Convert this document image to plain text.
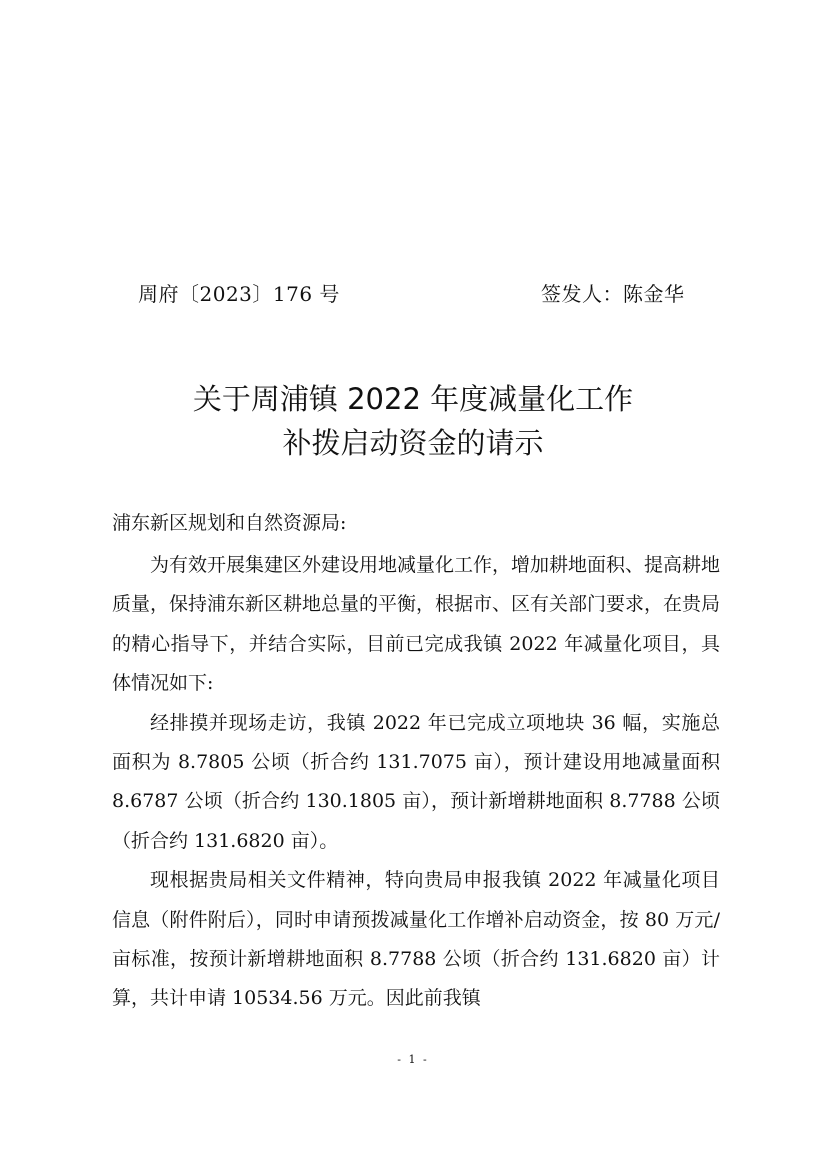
周府〔2023〕176 号	签发人：陈金华
关于周浦镇 2022 年度减量化工作
补拨启动资金的请示
浦东新区规划和自然资源局:

为有效开展集建区外建设用地减量化工作，增加耕地面积、提高耕地质量，保持浦东新区耕地总量的平衡，根据市、区有关部门要求，在贵局的精心指导下，并结合实际，目前已完成我镇 2022 年减量化项目，具体情况如下:

经排摸并现场走访，我镇 2022 年已完成立项地块 36 幅，实施总面积为 8.7805 公顷（折合约 131.7075 亩），预计建设用地减量面积 8.6787 公顷（折合约 130.1805 亩），预计新增耕地面积 8.7788 公顷（折合约 131.6820 亩）。

现根据贵局相关文件精神，特向贵局申报我镇 2022 年减量化项目信息（附件附后），同时申请预拨减量化工作增补启动资金，按 80 万元/亩标准，按预计新增耕地面积 8.7788 公顷（折合约 131.6820 亩）计算，共计申请 10534.56 万元。因此前我镇

- 1 -
